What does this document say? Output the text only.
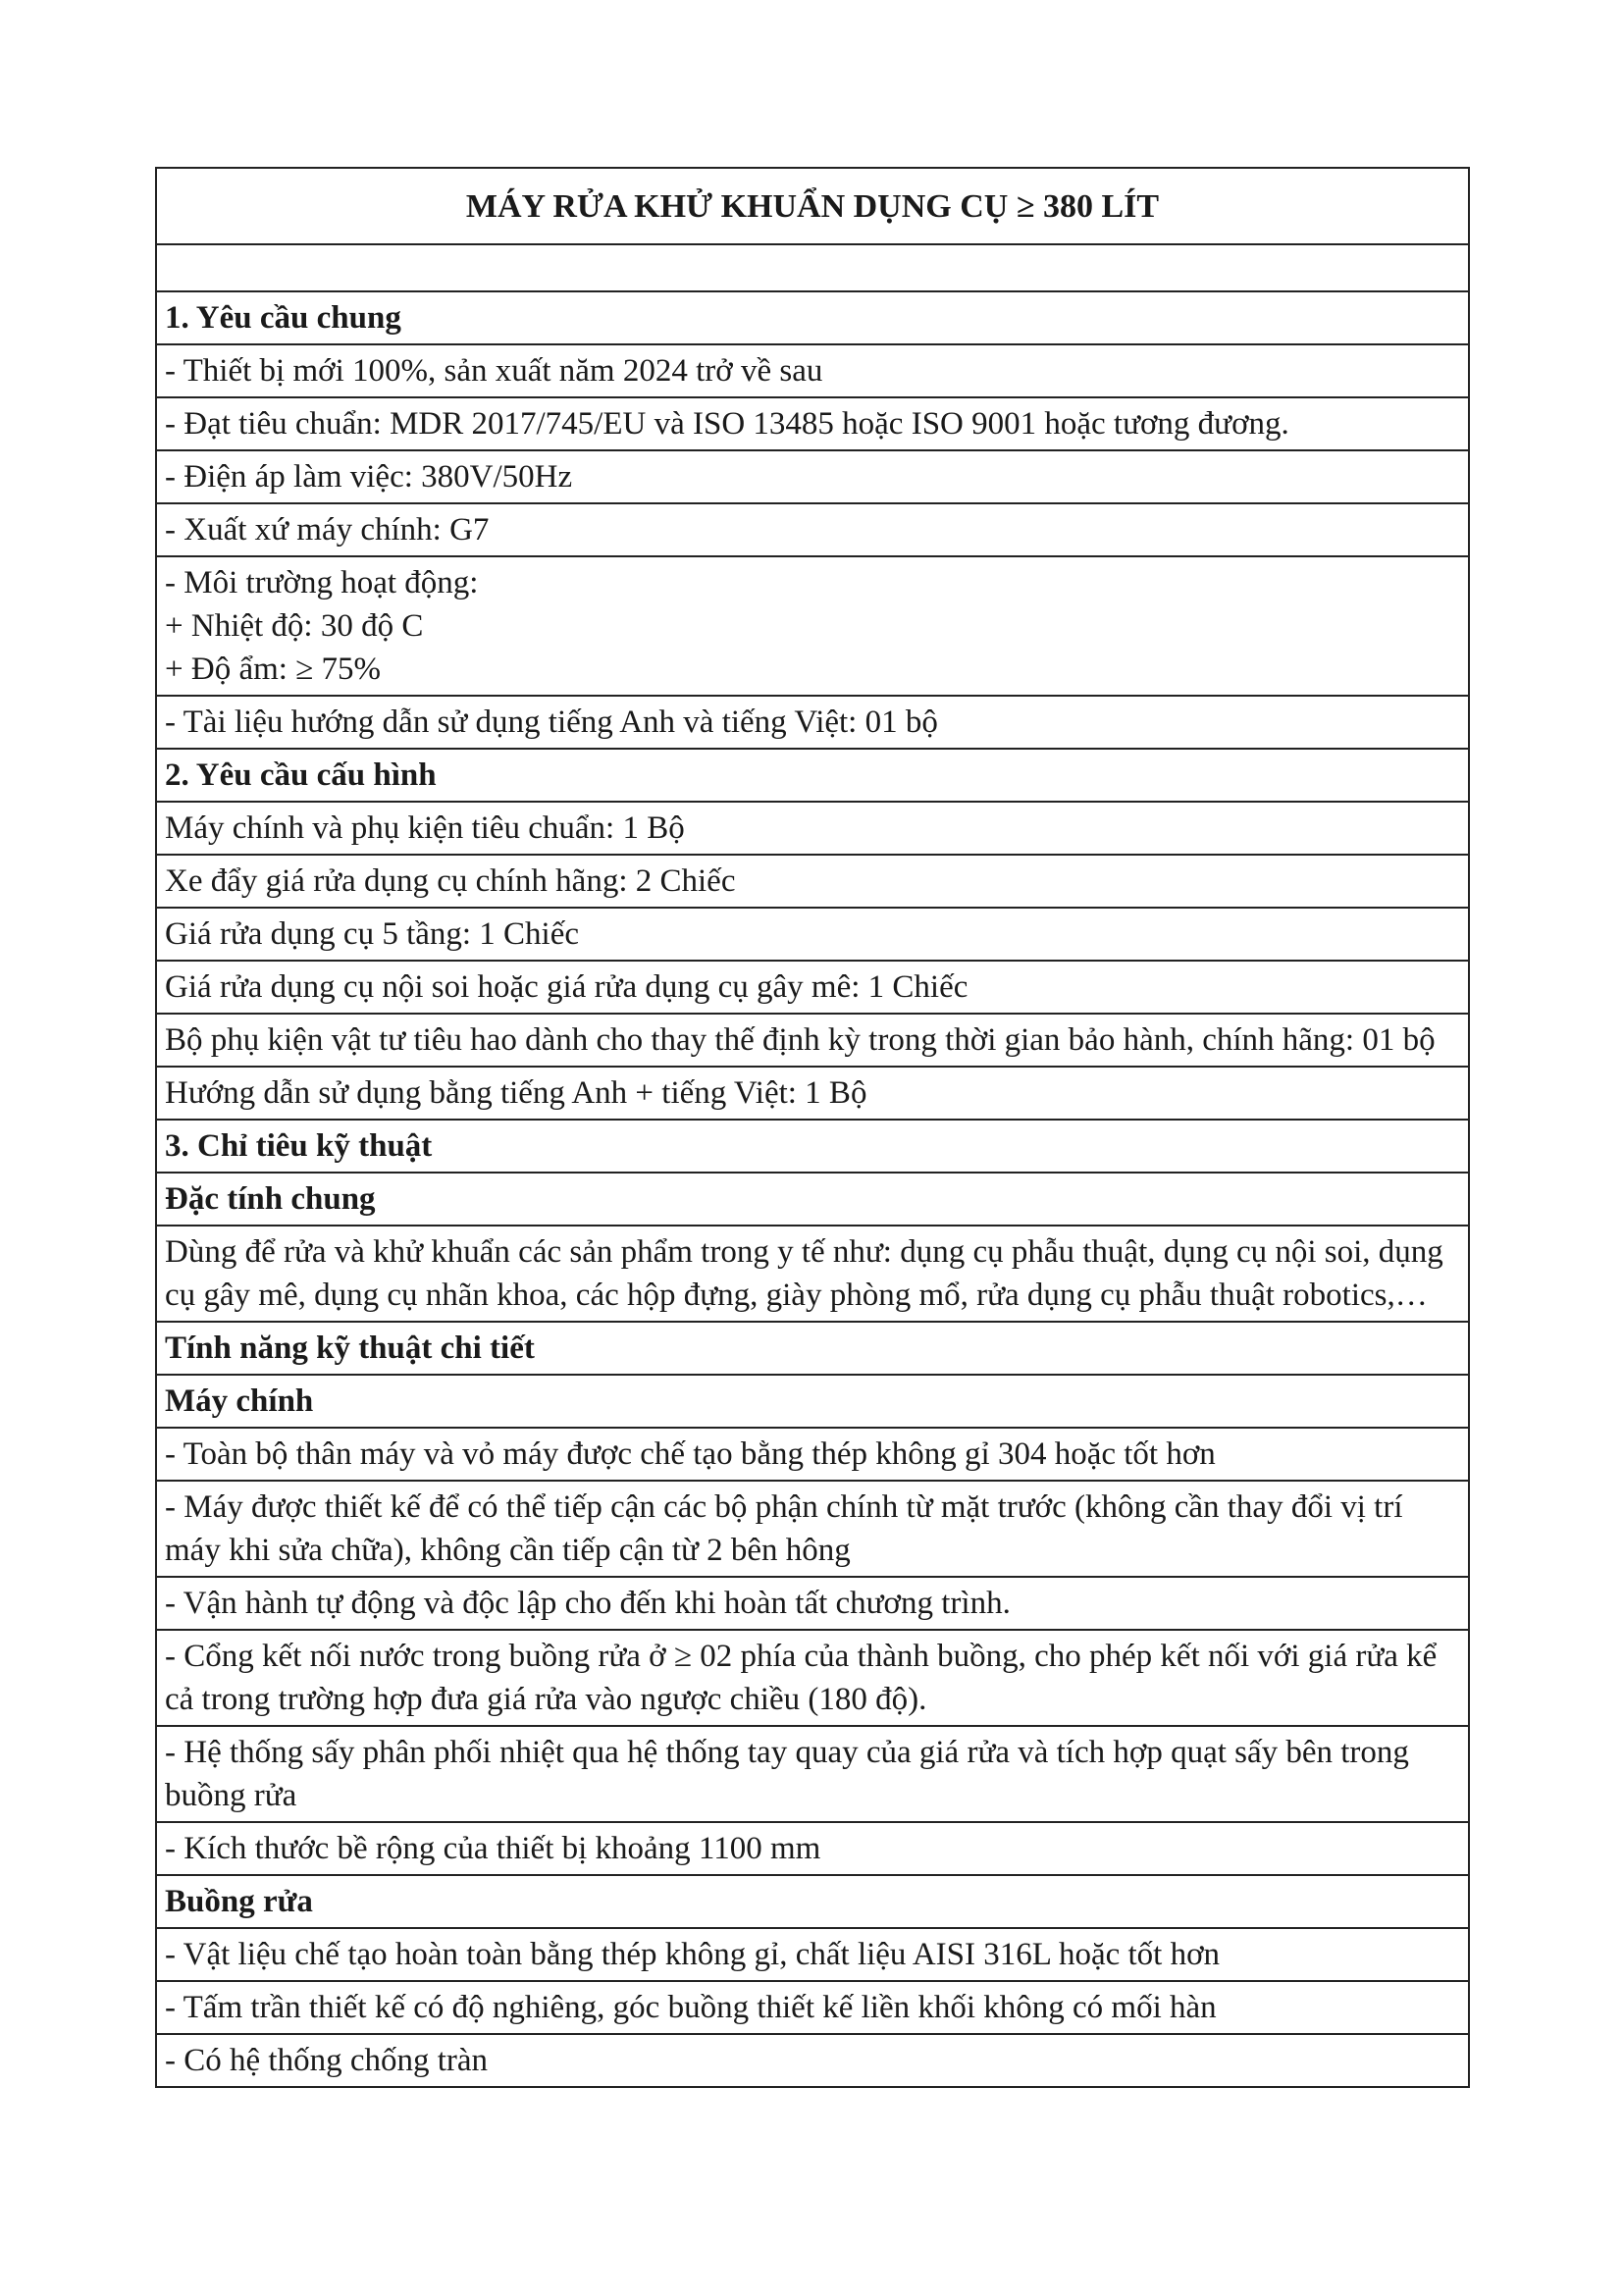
MÁY RỬA KHỬ KHUẨN DỤNG CỤ ≥ 380 LÍT
1. Yêu cầu chung
- Thiết bị mới 100%, sản xuất năm 2024 trở về sau
- Đạt tiêu chuẩn: MDR 2017/745/EU và ISO 13485 hoặc ISO 9001 hoặc tương đương.
- Điện áp làm việc: 380V/50Hz
- Xuất xứ máy chính: G7
- Môi trường hoạt động:
+ Nhiệt độ: 30 độ C
+ Độ ẩm: ≥ 75%
- Tài liệu hướng dẫn sử dụng tiếng Anh và tiếng Việt: 01 bộ
2. Yêu cầu cấu hình
Máy chính và phụ kiện tiêu chuẩn: 1 Bộ
Xe đẩy giá rửa dụng cụ chính hãng: 2 Chiếc
Giá rửa dụng cụ 5 tầng: 1 Chiếc
Giá rửa dụng cụ nội soi hoặc giá rửa dụng cụ gây mê: 1 Chiếc
Bộ phụ kiện vật tư tiêu hao dành cho thay thế định kỳ trong thời gian bảo hành, chính hãng: 01 bộ
Hướng dẫn sử dụng bằng tiếng Anh + tiếng Việt: 1 Bộ
3. Chỉ tiêu kỹ thuật
Đặc tính chung
Dùng để rửa và khử khuẩn các sản phẩm trong y tế như: dụng cụ phẫu thuật, dụng cụ nội soi, dụng cụ gây mê, dụng cụ nhãn khoa, các hộp đựng, giày phòng mổ, rửa dụng cụ phẫu thuật robotics,…
Tính năng kỹ thuật chi tiết
Máy chính
- Toàn bộ thân máy và vỏ máy được chế tạo bằng thép không gỉ 304 hoặc tốt hơn
- Máy được thiết kế để có thể tiếp cận các bộ phận chính từ mặt trước (không cần thay đổi vị trí máy khi sửa chữa), không cần tiếp cận từ 2 bên hông
- Vận hành tự động và độc lập cho đến khi hoàn tất chương trình.
- Cổng kết nối nước trong buồng rửa ở ≥ 02 phía của thành buồng, cho phép kết nối với giá rửa kể cả trong trường hợp đưa giá rửa vào ngược chiều (180 độ).
- Hệ thống sấy phân phối nhiệt qua hệ thống tay quay của giá rửa và tích hợp quạt sấy bên trong buồng rửa
- Kích thước bề rộng của thiết bị khoảng 1100 mm
Buồng rửa
- Vật liệu chế tạo hoàn toàn bằng thép không gỉ, chất liệu AISI 316L hoặc tốt hơn
- Tấm trần thiết kế có độ nghiêng, góc buồng thiết kế liền khối không có mối hàn
- Có hệ thống chống tràn
